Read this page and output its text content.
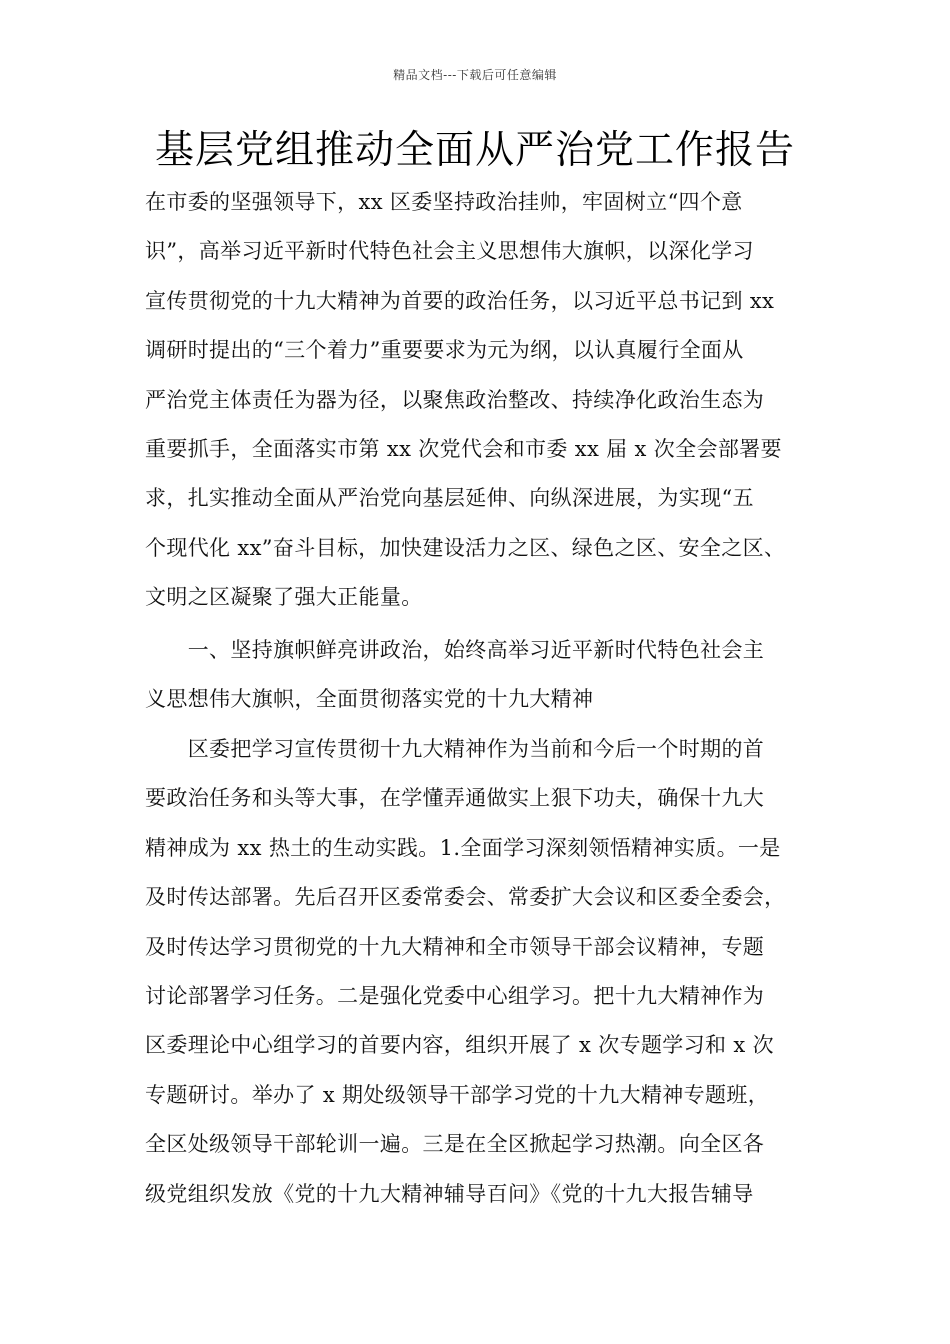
精品文档---下载后可任意编辑
基层党组推动全面从严治党工作报告
在市委的坚强领导下，xx 区委坚持政治挂帅，牢固树立“四个意
识”，高举习近平新时代特色社会主义思想伟大旗帜，以深化学习
宣传贯彻党的十九大精神为首要的政治任务，以习近平总书记到 xx
调研时提出的“三个着力”重要要求为元为纲，以认真履行全面从
严治党主体责任为器为径，以聚焦政治整改、持续净化政治生态为
重要抓手，全面落实市第 xx 次党代会和市委 xx 届 x 次全会部署要
求，扎实推动全面从严治党向基层延伸、向纵深进展，为实现“五
个现代化 xx”奋斗目标，加快建设活力之区、绿色之区、安全之区、
文明之区凝聚了强大正能量。
　　一、坚持旗帜鲜亮讲政治，始终高举习近平新时代特色社会主
义思想伟大旗帜，全面贯彻落实党的十九大精神
　　区委把学习宣传贯彻十九大精神作为当前和今后一个时期的首
要政治任务和头等大事，在学懂弄通做实上狠下功夫，确保十九大
精神成为 xx 热土的生动实践。1.全面学习深刻领悟精神实质。一是
及时传达部署。先后召开区委常委会、常委扩大会议和区委全委会，
及时传达学习贯彻党的十九大精神和全市领导干部会议精神，专题
讨论部署学习任务。二是强化党委中心组学习。把十九大精神作为
区委理论中心组学习的首要内容，组织开展了 x 次专题学习和 x 次
专题研讨。举办了 x 期处级领导干部学习党的十九大精神专题班，
全区处级领导干部轮训一遍。三是在全区掀起学习热潮。向全区各
级党组织发放《党的十九大精神辅导百问》《党的十九大报告辅导
